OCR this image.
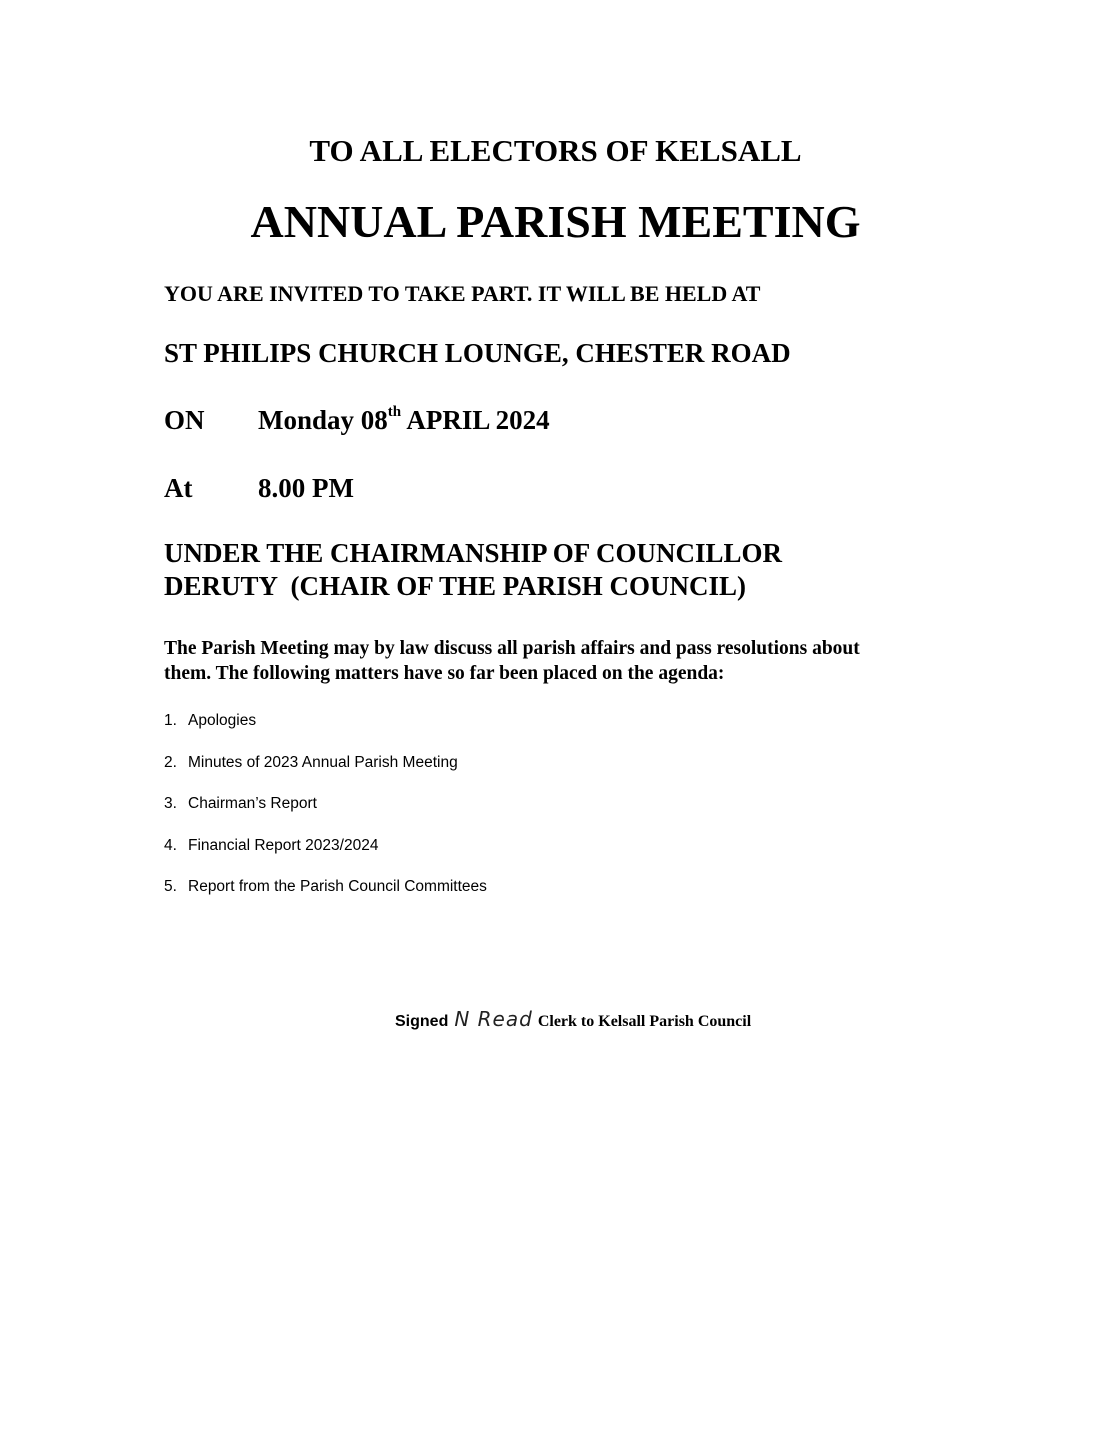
TO ALL ELECTORS OF KELSALL
ANNUAL PARISH MEETING
YOU ARE INVITED TO TAKE PART. IT WILL BE HELD AT
ST PHILIPS CHURCH LOUNGE, CHESTER ROAD
ON Monday 08th APRIL 2024
At 8.00 PM
UNDER THE CHAIRMANSHIP OF COUNCILLOR
DERUTY  (CHAIR OF THE PARISH COUNCIL)
The Parish Meeting may by law discuss all parish affairs and pass resolutions about
them. The following matters have so far been placed on the agenda:
1. Apologies
2. Minutes of 2023 Annual Parish Meeting
3. Chairman’s Report
4. Financial Report 2023/2024
5. Report from the Parish Council Committees
Signed N Read Clerk to Kelsall Parish Council
